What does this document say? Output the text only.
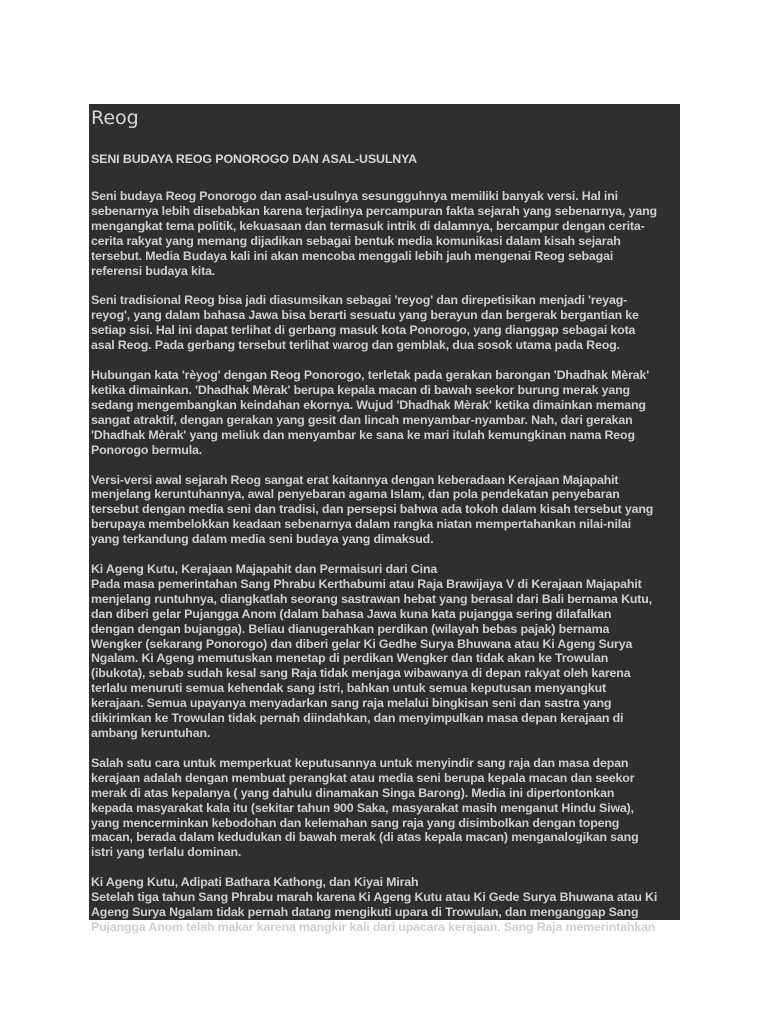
Reog
SENI BUDAYA REOG PONOROGO DAN ASAL-USULNYA
Seni budaya Reog Ponorogo dan asal-usulnya sesungguhnya memiliki banyak versi. Hal ini
sebenarnya lebih disebabkan karena terjadinya percampuran fakta sejarah yang sebenarnya, yang
mengangkat tema politik, kekuasaan dan termasuk intrik di dalamnya, bercampur dengan cerita-
cerita rakyat yang memang dijadikan sebagai bentuk media komunikasi dalam kisah sejarah
tersebut. Media Budaya kali ini akan mencoba menggali lebih jauh mengenai Reog sebagai
referensi budaya kita.
Seni tradisional Reog bisa jadi diasumsikan sebagai 'reyog' dan direpetisikan menjadi 'reyag-
reyog', yang dalam bahasa Jawa bisa berarti sesuatu yang berayun dan bergerak bergantian ke
setiap sisi. Hal ini dapat terlihat di gerbang masuk kota Ponorogo, yang dianggap sebagai kota
asal Reog. Pada gerbang tersebut terlihat warog dan gemblak, dua sosok utama pada Reog.
Hubungan kata 'rèyog' dengan Reog Ponorogo, terletak pada gerakan barongan 'Dhadhak Mèrak'
ketika dimainkan. 'Dhadhak Mèrak' berupa kepala macan di bawah seekor burung merak yang
sedang mengembangkan keindahan ekornya. Wujud 'Dhadhak Mèrak' ketika dimainkan memang
sangat atraktif, dengan gerakan yang gesit dan lincah menyambar-nyambar. Nah, dari gerakan
'Dhadhak Mèrak' yang meliuk dan menyambar ke sana ke mari itulah kemungkinan nama Reog
Ponorogo bermula.
Versi-versi awal sejarah Reog sangat erat kaitannya dengan keberadaan Kerajaan Majapahit
menjelang keruntuhannya, awal penyebaran agama Islam, dan pola pendekatan penyebaran
tersebut dengan media seni dan tradisi, dan persepsi bahwa ada tokoh dalam kisah tersebut yang
berupaya membelokkan keadaan sebenarnya dalam rangka niatan mempertahankan nilai-nilai
yang terkandung dalam media seni budaya yang dimaksud.
Ki Ageng Kutu, Kerajaan Majapahit dan Permaisuri dari Cina
Pada masa pemerintahan Sang Phrabu Kerthabumi atau Raja Brawijaya V di Kerajaan Majapahit
menjelang runtuhnya, diangkatlah seorang sastrawan hebat yang berasal dari Bali bernama Kutu,
dan diberi gelar Pujangga Anom (dalam bahasa Jawa kuna kata pujangga sering dilafalkan
dengan dengan bujangga). Beliau dianugerahkan perdikan (wilayah bebas pajak) bernama
Wengker (sekarang Ponorogo) dan diberi gelar Ki Gedhe Surya Bhuwana atau Ki Ageng Surya
Ngalam. Ki Ageng memutuskan menetap di perdikan Wengker dan tidak akan ke Trowulan
(ibukota), sebab sudah kesal sang Raja tidak menjaga wibawanya di depan rakyat oleh karena
terlalu menuruti semua kehendak sang istri, bahkan untuk semua keputusan menyangkut
kerajaan. Semua upayanya menyadarkan sang raja melalui bingkisan seni dan sastra yang
dikirimkan ke Trowulan tidak pernah diindahkan, dan menyimpulkan masa depan kerajaan di
ambang keruntuhan.
Salah satu cara untuk memperkuat keputusannya untuk menyindir sang raja dan masa depan
kerajaan adalah dengan membuat perangkat atau media seni berupa kepala macan dan seekor
merak di atas kepalanya ( yang dahulu dinamakan Singa Barong). Media ini dipertontonkan
kepada masyarakat kala itu (sekitar tahun 900 Saka, masyarakat masih menganut Hindu Siwa),
yang mencerminkan kebodohan dan kelemahan sang raja yang disimbolkan dengan topeng
macan, berada dalam kedudukan di bawah merak (di atas kepala macan) menganalogikan sang
istri yang terlalu dominan.
Ki Ageng Kutu, Adipati Bathara Kathong, dan Kiyai Mirah
Setelah tiga tahun Sang Phrabu marah karena Ki Ageng Kutu atau Ki Gede Surya Bhuwana atau Ki
Ageng Surya Ngalam tidak pernah datang mengikuti upara di Trowulan, dan menganggap Sang
Pujangga Anom telah makar karena mangkir kali dari upacara kerajaan. Sang Raja memerintahkan
